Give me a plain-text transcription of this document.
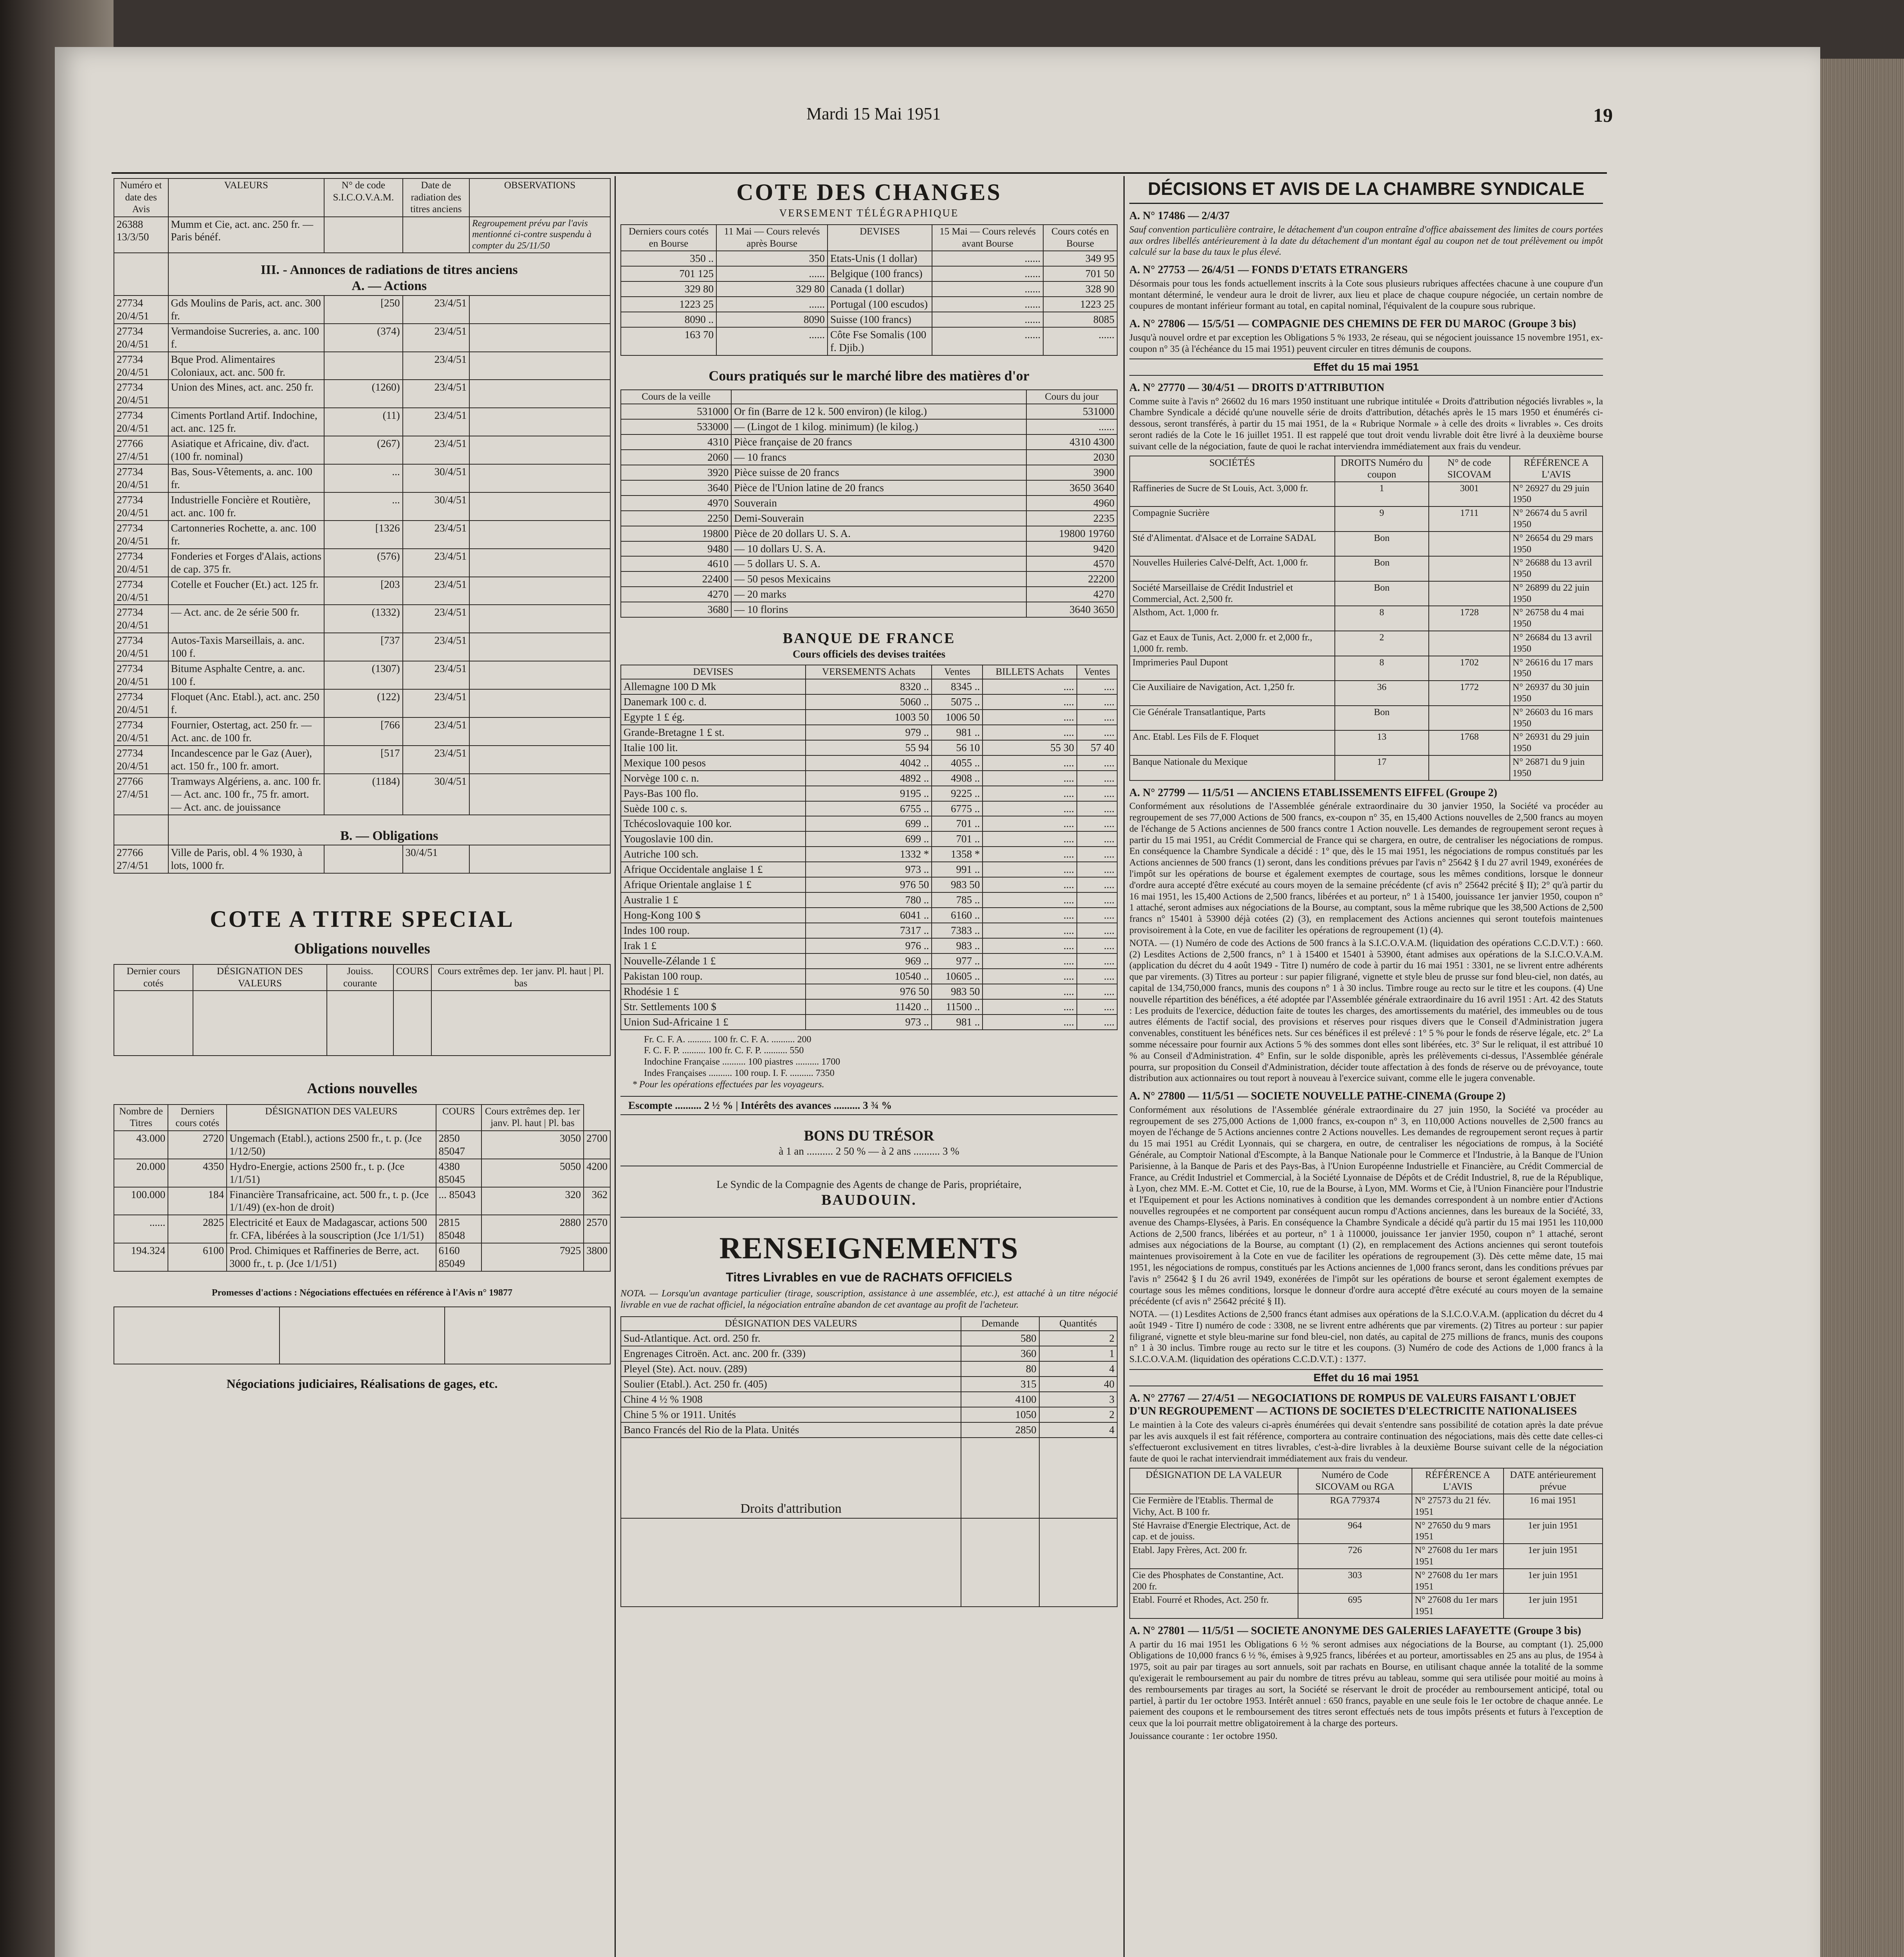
Mardi 15 Mai 1951	19
Numéro et date des Avis	VALEURS	N° de code S.I.C.O.V.A.M.	Date de radiation des titres anciens	OBSERVATIONS
26388 13/3/50	Mumm et Cie, act. anc. 250 fr. — Paris bénéf.			Regroupement prévu par l'avis mentionné ci-contre suspendu à compter du 25/11/50

	III. - Annonces de radiations de titres anciens
A. — Actions			

27734 20/4/51	Gds Moulins de Paris, act. anc. 300 fr.	[250	23/4/51	
27734 20/4/51	Vermandoise Sucreries, a. anc. 100 f.	(374)	23/4/51	
27734 20/4/51	Bque Prod. Alimentaires Coloniaux, act. anc. 500 fr.		23/4/51	
27734 20/4/51	Union des Mines, act. anc. 250 fr.	(1260)	23/4/51	
27734 20/4/51	Ciments Portland Artif. Indochine, act. anc. 125 fr.	(11)	23/4/51	
27766 27/4/51	Asiatique et Africaine, div. d'act. (100 fr. nominal)	(267)	23/4/51	
27734 20/4/51	Bas, Sous-Vêtements, a. anc. 100 fr.	...	30/4/51	
27734 20/4/51	Industrielle Foncière et Routière, act. anc. 100 fr.	...	30/4/51	
27734 20/4/51	Cartonneries Rochette, a. anc. 100 fr.	[1326	23/4/51	
27734 20/4/51	Fonderies et Forges d'Alais, actions de cap. 375 fr.	(576)	23/4/51	
27734 20/4/51	Cotelle et Foucher (Et.) act. 125 fr.	[203	23/4/51	
27734 20/4/51	— Act. anc. de 2e série 500 fr.	(1332)	23/4/51	
27734 20/4/51	Autos-Taxis Marseillais, a. anc. 100 f.	[737	23/4/51	
27734 20/4/51	Bitume Asphalte Centre, a. anc. 100 f.	(1307)	23/4/51	
27734 20/4/51	Floquet (Anc. Etabl.), act. anc. 250 f.	(122)	23/4/51	
27734 20/4/51	Fournier, Ostertag, act. 250 fr. — Act. anc. de 100 fr.	[766	23/4/51	
27734 20/4/51	Incandescence par le Gaz (Auer), act. 150 fr., 100 fr. amort.	[517	23/4/51	
27766 27/4/51	Tramways Algériens, a. anc. 100 fr. — Act. anc. 100 fr., 75 fr. amort. — Act. anc. de jouissance	(1184)	30/4/51	

	B. — Obligations			

27766 27/4/51	Ville de Paris, obl. 4 % 1930, à lots, 1000 fr.		30/4/51	
COTE A TITRE SPECIAL
Obligations nouvelles
Dernier cours cotés	DÉSIGNATION DES VALEURS	Jouiss. courante	COURS	Cours extrêmes dep. 1er janv. Pl. haut | Pl. bas

Actions nouvelles
Nombre de Titres	Derniers cours cotés	DÉSIGNATION DES VALEURS	COURS	Cours extrêmes dep. 1er janv. Pl. haut | Pl. bas	
43.000	2720	Ungemach (Etabl.), actions 2500 fr., t. p. (Jce 1/12/50)	2850 85047	3050	2700
20.000	4350	Hydro-Energie, actions 2500 fr., t. p. (Jce 1/1/51)	4380 85045	5050	4200
100.000	184	Financière Transafricaine, act. 500 fr., t. p. (Jce 1/1/49) (ex-hon de droit)	... 85043	320	362
......	2825	Electricité et Eaux de Madagascar, actions 500 fr. CFA, libérées à la souscription (Jce 1/1/51)	2815 85048	2880	2570
194.324	6100	Prod. Chimiques et Raffineries de Berre, act. 3000 fr., t. p. (Jce 1/1/51)	6160 85049	7925	3800
Promesses d'actions : Négociations effectuées en référence à l'Avis n° 19877

Négociations judiciaires, Réalisations de gages, etc.
COTE DES CHANGES
VERSEMENT TÉLÉGRAPHIQUE
Derniers cours cotés en Bourse	11 Mai — Cours relevés après Bourse	DEVISES	15 Mai — Cours relevés avant Bourse	Cours cotés en Bourse
350 ..	350	Etats-Unis (1 dollar)	......	349 95
701 125	......	Belgique (100 francs)	......	701 50
329 80	329 80	Canada (1 dollar)	......	328 90
1223 25	......	Portugal (100 escudos)	......	1223 25
8090 ..	8090	Suisse (100 francs)	......	8085
163 70	......	Côte Fse Somalis (100 f. Djib.)	......	......
Cours pratiqués sur le marché libre des matières d'or
Cours de la veille		Cours du jour
531000	Or fin (Barre de 12 k. 500 environ) (le kilog.)	531000
533000	— (Lingot de 1 kilog. minimum) (le kilog.)	......
4310	Pièce française de 20 francs	4310 4300
2060	— 10 francs	2030
3920	Pièce suisse de 20 francs	3900
3640	Pièce de l'Union latine de 20 francs	3650 3640
4970	Souverain	4960
2250	Demi-Souverain	2235
19800	Pièce de 20 dollars U. S. A.	19800 19760
9480	— 10 dollars U. S. A.	9420
4610	— 5 dollars U. S. A.	4570
22400	— 50 pesos Mexicains	22200
4270	— 20 marks	4270
3680	— 10 florins	3640 3650
BANQUE DE FRANCE
Cours officiels des devises traitées
DEVISES	VERSEMENTS Achats	Ventes	BILLETS Achats	Ventes
Allemagne 100 D Mk	8320 ..	8345 ..	....	....
Danemark 100 c. d.	5060 ..	5075 ..	....	....
Egypte 1 £ ég.	1003 50	1006 50	....	....
Grande-Bretagne 1 £ st.	979 ..	981 ..	....	....
Italie 100 lit.	55 94	56 10	55 30	57 40
Mexique 100 pesos	4042 ..	4055 ..	....	....
Norvège 100 c. n.	4892 ..	4908 ..	....	....
Pays-Bas 100 flo.	9195 ..	9225 ..	....	....
Suède 100 c. s.	6755 ..	6775 ..	....	....
Tchécoslovaquie 100 kor.	699 ..	701 ..	....	....
Yougoslavie 100 din.	699 ..	701 ..	....	....
Autriche 100 sch.	1332 *	1358 *	....	....
Afrique Occidentale anglaise 1 £	973 ..	991 ..	....	....
Afrique Orientale anglaise 1 £	976 50	983 50	....	....
Australie 1 £	780 ..	785 ..	....	....
Hong-Kong 100 $	6041 ..	6160 ..	....	....
Indes 100 roup.	7317 ..	7383 ..	....	....
Irak 1 £	976 ..	983 ..	....	....
Nouvelle-Zélande 1 £	969 ..	977 ..	....	....
Pakistan 100 roup.	10540 ..	10605 ..	....	....
Rhodésie 1 £	976 50	983 50	....	....
Str. Settlements 100 $	11420 ..	11500 ..	....	....
Union Sud-Africaine 1 £	973 ..	981 ..	....	....
Fr. C. F. A. .......... 100 fr. C. F. A. .......... 200
F. C. F. P. .......... 100 fr. C. F. P. .......... 550
Indochine Française .......... 100 piastres .......... 1700
Indes Françaises .......... 100 roup. I. F. .......... 7350
* Pour les opérations effectuées par les voyageurs.
Escompte .......... 2 ½ % | Intérêts des avances .......... 3 ¾ %
BONS DU TRÉSOR
à 1 an .......... 2 50 % — à 2 ans .......... 3 %
Le Syndic de la Compagnie des Agents de change de Paris, propriétaire,
BAUDOUIN.
RENSEIGNEMENTS
Titres Livrables en vue de RACHATS OFFICIELS

NOTA. — Lorsqu'un avantage particulier (tirage, souscription, assistance à une assemblée, etc.), est attaché à un titre négocié livrable en vue de rachat officiel, la négociation entraîne abandon de cet avantage au profit de l'acheteur.

DÉSIGNATION DES VALEURS	Demande	Quantités
Sud-Atlantique. Act. ord. 250 fr.	580	2
Engrenages Citroën. Act. anc. 200 fr. (339)	360	1
Pleyel (Ste). Act. nouv. (289)	80	4
Soulier (Etabl.). Act. 250 fr. (405)	315	40
Chine 4 ½ % 1908	4100	3
Chine 5 % or 1911. Unités	1050	2
Banco Francés del Rio de la Plata. Unités	2850	4
Droits d'attribution		

DÉCISIONS ET AVIS DE LA CHAMBRE SYNDICALE
A. N° 17486 — 2/4/37

Sauf convention particulière contraire, le détachement d'un coupon entraîne d'office abaissement des limites de cours portées aux ordres libellés antérieurement à la date du détachement d'un montant égal au coupon net de tout prélèvement ou impôt calculé sur la base du taux le plus élevé.

A. N° 27753 — 26/4/51 — FONDS D'ETATS ETRANGERS

Désormais pour tous les fonds actuellement inscrits à la Cote sous plusieurs rubriques affectées chacune à une coupure d'un montant déterminé, le vendeur aura le droit de livrer, aux lieu et place de chaque coupure négociée, un certain nombre de coupures de montant inférieur formant au total, en capital nominal, l'équivalent de la coupure sous rubrique.

A. N° 27806 — 15/5/51 — COMPAGNIE DES CHEMINS DE FER DU MAROC (Groupe 3 bis)

Jusqu'à nouvel ordre et par exception les Obligations 5 % 1933, 2e réseau, qui se négocient jouissance 15 novembre 1951, ex-coupon n° 35 (à l'échéance du 15 mai 1951) peuvent circuler en titres démunis de coupons.

Effet du 15 mai 1951
A. N° 27770 — 30/4/51 — DROITS D'ATTRIBUTION

Comme suite à l'avis n° 26602 du 16 mars 1950 instituant une rubrique intitulée « Droits d'attribution négociés livrables », la Chambre Syndicale a décidé qu'une nouvelle série de droits d'attribution, détachés après le 15 mars 1950 et énumérés ci-dessous, seront transférés, à partir du 15 mai 1951, de la « Rubrique Normale » à celle des droits « livrables ». Ces droits seront radiés de la Cote le 16 juillet 1951. Il est rappelé que tout droit vendu livrable doit être livré à la deuxième bourse suivant celle de la négociation, faute de quoi le rachat interviendra immédiatement aux frais du vendeur.

SOCIÉTÉS	DROITS Numéro du coupon	N° de code SICOVAM	RÉFÉRENCE A L'AVIS
Raffineries de Sucre de St Louis, Act. 3,000 fr.	1	3001	N° 26927 du 29 juin 1950
Compagnie Sucrière	9	1711	N° 26674 du 5 avril 1950
Sté d'Alimentat. d'Alsace et de Lorraine SADAL	Bon		N° 26654 du 29 mars 1950
Nouvelles Huileries Calvé-Delft, Act. 1,000 fr.	Bon		N° 26688 du 13 avril 1950
Société Marseillaise de Crédit Industriel et Commercial, Act. 2,500 fr.	Bon		N° 26899 du 22 juin 1950
Alsthom, Act. 1,000 fr.	8	1728	N° 26758 du 4 mai 1950
Gaz et Eaux de Tunis, Act. 2,000 fr. et 2,000 fr., 1,000 fr. remb.	2		N° 26684 du 13 avril 1950
Imprimeries Paul Dupont	8	1702	N° 26616 du 17 mars 1950
Cie Auxiliaire de Navigation, Act. 1,250 fr.	36	1772	N° 26937 du 30 juin 1950
Cie Générale Transatlantique, Parts	Bon		N° 26603 du 16 mars 1950
Anc. Etabl. Les Fils de F. Floquet	13	1768	N° 26931 du 29 juin 1950
Banque Nationale du Mexique	17		N° 26871 du 9 juin 1950
A. N° 27799 — 11/5/51 — ANCIENS ETABLISSEMENTS EIFFEL (Groupe 2)

Conformément aux résolutions de l'Assemblée générale extraordinaire du 30 janvier 1950, la Société va procéder au regroupement de ses 77,000 Actions de 500 francs, ex-coupon n° 35, en 15,400 Actions nouvelles de 2,500 francs au moyen de l'échange de 5 Actions anciennes de 500 francs contre 1 Action nouvelle. Les demandes de regroupement seront reçues à partir du 15 mai 1951, au Crédit Commercial de France qui se chargera, en outre, de centraliser les négociations de rompus. En conséquence la Chambre Syndicale a décidé : 1° que, dès le 15 mai 1951, les négociations de rompus constitués par les Actions anciennes de 500 francs (1) seront, dans les conditions prévues par l'avis n° 25642 § I du 27 avril 1949, exonérées de l'impôt sur les opérations de bourse et également exemptes de courtage, sous les mêmes conditions, lorsque le donneur d'ordre aura accepté d'être exécuté au cours moyen de la semaine précédente (cf avis n° 25642 précité § II); 2° qu'à partir du 16 mai 1951, les 15,400 Actions de 2,500 francs, libérées et au porteur, n° 1 à 15400, jouissance 1er janvier 1950, coupon n° 1 attaché, seront admises aux négociations de la Bourse, au comptant, sous la même rubrique que les 38,500 Actions de 2,500 francs n° 15401 à 53900 déjà cotées (2) (3), en remplacement des Actions anciennes qui seront toutefois maintenues provisoirement à la Cote, en vue de faciliter les opérations de regroupement (1) (4).

NOTA. — (1) Numéro de code des Actions de 500 francs à la S.I.C.O.V.A.M. (liquidation des opérations C.C.D.V.T.) : 660. (2) Lesdites Actions de 2,500 francs, n° 1 à 15400 et 15401 à 53900, étant admises aux opérations de la S.I.C.O.V.A.M. (application du décret du 4 août 1949 - Titre I) numéro de code à partir du 16 mai 1951 : 3301, ne se livrent entre adhérents que par virements. (3) Titres au porteur : sur papier filigrané, vignette et style bleu de prusse sur fond bleu-ciel, non datés, au capital de 134,750,000 francs, munis des coupons n° 1 à 30 inclus. Timbre rouge au recto sur le titre et les coupons. (4) Une nouvelle répartition des bénéfices, a été adoptée par l'Assemblée générale extraordinaire du 16 avril 1951 : Art. 42 des Statuts : Les produits de l'exercice, déduction faite de toutes les charges, des amortissements du matériel, des immeubles ou de tous autres éléments de l'actif social, des provisions et réserves pour risques divers que le Conseil d'Administration jugera convenables, constituent les bénéfices nets. Sur ces bénéfices il est prélevé : 1° 5 % pour le fonds de réserve légale, etc. 2° La somme nécessaire pour fournir aux Actions 5 % des sommes dont elles sont libérées, etc. 3° Sur le reliquat, il est attribué 10 % au Conseil d'Administration. 4° Enfin, sur le solde disponible, après les prélèvements ci-dessus, l'Assemblée générale pourra, sur proposition du Conseil d'Administration, décider toute affectation à des fonds de réserve ou de prévoyance, toute distribution aux actionnaires ou tout report à nouveau à l'exercice suivant, comme elle le jugera convenable.

A. N° 27800 — 11/5/51 — SOCIETE NOUVELLE PATHE-CINEMA (Groupe 2)

Conformément aux résolutions de l'Assemblée générale extraordinaire du 27 juin 1950, la Société va procéder au regroupement de ses 275,000 Actions de 1,000 francs, ex-coupon n° 3, en 110,000 Actions nouvelles de 2,500 francs au moyen de l'échange de 5 Actions anciennes contre 2 Actions nouvelles. Les demandes de regroupement seront reçues à partir du 15 mai 1951 au Crédit Lyonnais, qui se chargera, en outre, de centraliser les négociations de rompus, à la Société Générale, au Comptoir National d'Escompte, à la Banque Nationale pour le Commerce et l'Industrie, à la Banque de l'Union Parisienne, à la Banque de Paris et des Pays-Bas, à l'Union Européenne Industrielle et Financière, au Crédit Commercial de France, au Crédit Industriel et Commercial, à la Société Lyonnaise de Dépôts et de Crédit Industriel, 8, rue de la République, à Lyon, chez MM. E.-M. Cottet et Cie, 10, rue de la Bourse, à Lyon, MM. Worms et Cie, à l'Union Financière pour l'Industrie et l'Equipement et pour les Actions nominatives à condition que les demandes correspondent à un nombre entier d'Actions nouvelles regroupées et ne comportent par conséquent aucun rompu d'Actions anciennes, dans les bureaux de la Société, 33, avenue des Champs-Elysées, à Paris. En conséquence la Chambre Syndicale a décidé qu'à partir du 15 mai 1951 les 110,000 Actions de 2,500 francs, libérées et au porteur, n° 1 à 110000, jouissance 1er janvier 1950, coupon n° 1 attaché, seront admises aux négociations de la Bourse, au comptant (1) (2), en remplacement des Actions anciennes qui seront toutefois maintenues provisoirement à la Cote en vue de faciliter les opérations de regroupement (3). Dès cette même date, 15 mai 1951, les négociations de rompus, constitués par les Actions anciennes de 1,000 francs seront, dans les conditions prévues par l'avis n° 25642 § I du 26 avril 1949, exonérées de l'impôt sur les opérations de bourse et seront également exemptes de courtage sous les mêmes conditions, lorsque le donneur d'ordre aura accepté d'être exécuté au cours moyen de la semaine précédente (cf avis n° 25642 précité § II).

NOTA. — (1) Lesdites Actions de 2,500 francs étant admises aux opérations de la S.I.C.O.V.A.M. (application du décret du 4 août 1949 - Titre I) numéro de code : 3308, ne se livrent entre adhérents que par virements. (2) Titres au porteur : sur papier filigrané, vignette et style bleu-marine sur fond bleu-ciel, non datés, au capital de 275 millions de francs, munis des coupons n° 1 à 30 inclus. Timbre rouge au recto sur le titre et les coupons. (3) Numéro de code des Actions de 1,000 francs à la S.I.C.O.V.A.M. (liquidation des opérations C.C.D.V.T.) : 1377.

Effet du 16 mai 1951
A. N° 27767 — 27/4/51 — NEGOCIATIONS DE ROMPUS DE VALEURS FAISANT L'OBJET D'UN REGROUPEMENT — ACTIONS DE SOCIETES D'ELECTRICITE NATIONALISEES

Le maintien à la Cote des valeurs ci-après énumérées qui devait s'entendre sans possibilité de cotation après la date prévue par les avis auxquels il est fait référence, comportera au contraire continuation des négociations, mais dès cette date celles-ci s'effectueront exclusivement en titres livrables, c'est-à-dire livrables à la deuxième Bourse suivant celle de la négociation faute de quoi le rachat interviendrait immédiatement aux frais du vendeur.

DÉSIGNATION DE LA VALEUR	Numéro de Code SICOVAM ou RGA	RÉFÉRENCE A L'AVIS	DATE antérieurement prévue
Cie Fermière de l'Etablis. Thermal de Vichy, Act. B 100 fr.	RGA 779374	N° 27573 du 21 fév. 1951	16 mai 1951
Sté Havraise d'Energie Electrique, Act. de cap. et de jouiss.	964	N° 27650 du 9 mars 1951	1er juin 1951
Etabl. Japy Frères, Act. 200 fr.	726	N° 27608 du 1er mars 1951	1er juin 1951
Cie des Phosphates de Constantine, Act. 200 fr.	303	N° 27608 du 1er mars 1951	1er juin 1951
Etabl. Fourré et Rhodes, Act. 250 fr.	695	N° 27608 du 1er mars 1951	1er juin 1951
A. N° 27801 — 11/5/51 — SOCIETE ANONYME DES GALERIES LAFAYETTE (Groupe 3 bis)

A partir du 16 mai 1951 les Obligations 6 ½ % seront admises aux négociations de la Bourse, au comptant (1). 25,000 Obligations de 10,000 francs 6 ½ %, émises à 9,925 francs, libérées et au porteur, amortissables en 25 ans au plus, de 1954 à 1975, soit au pair par tirages au sort annuels, soit par rachats en Bourse, en utilisant chaque année la totalité de la somme qu'exigerait le remboursement au pair du nombre de titres prévu au tableau, somme qui sera utilisée pour moitié au moins à des remboursements par tirages au sort, la Société se réservant le droit de procéder au remboursement anticipé, total ou partiel, à partir du 1er octobre 1953. Intérêt annuel : 650 francs, payable en une seule fois le 1er octobre de chaque année. Le paiement des coupons et le remboursement des titres seront effectués nets de tous impôts présents et futurs à l'exception de ceux que la loi pourrait mettre obligatoirement à la charge des porteurs.

Jouissance courante : 1er octobre 1950.
